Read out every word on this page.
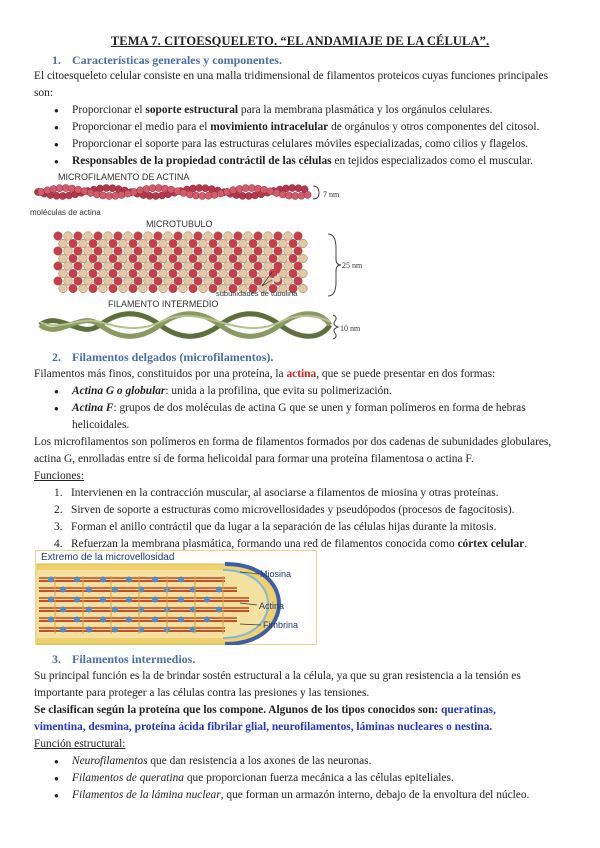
TEMA 7. CITOESQUELETO. “EL ANDAMIAJE DE LA CÉLULA”.
1. Características generales y componentes.
El citoesqueleto celular consiste en una malla tridimensional de filamentos proteicos cuyas funciones principales
son:
● Proporcionar el soporte estructural para la membrana plasmática y los orgánulos celulares.
● Proporcionar el medio para el movimiento intracelular de orgánulos y otros componentes del citosol.
● Proporcionar el soporte para las estructuras celulares móviles especializadas, como cilios y flagelos.
● Responsables de la propiedad contráctil de las células en tejidos especializados como el muscular.
MICROFILAMENTO DE ACTINA
moléculas de actina
7 nm
MICROTUBULO
25 nm
subunidades de tubulina
FILAMENTO INTERMEDIO
10 nm
2. Filamentos delgados (microfilamentos).
Filamentos más finos, constituidos por una proteína, la actina, que se puede presentar en dos formas:
● Actina G o globular: unida a la profilina, que evita su polimerización.
● Actina F: grupos de dos moléculas de actina G que se unen y forman polímeros en forma de hebras
helicoidales.
Los microfilamentos son polímeros en forma de filamentos formados por dos cadenas de subunidades globulares,
actina G, enrolladas entre sí de forma helicoidal para formar una proteína filamentosa o actina F.
Funciones:
1. Intervienen en la contracción muscular, al asociarse a filamentos de miosina y otras proteínas.
2. Sirven de soporte a estructuras como microvellosidades y pseudópodos (procesos de fagocitosis).
3. Forman el anillo contráctil que da lugar a la separación de las células hijas durante la mitosis.
4. Refuerzan la membrana plasmática, formando una red de filamentos conocida como córtex celular.
Extremo de la microvellosidad
Miosina
Actina
Fimbrina
3. Filamentos intermedios.
Su principal función es la de brindar sostén estructural a la célula, ya que su gran resistencia a la tensión es
importante para proteger a las células contra las presiones y las tensiones.
Se clasifican según la proteína que los compone. Algunos de los tipos conocidos son: queratinas,
vimentina, desmina, proteína ácida fibrilar glial, neurofilamentos, láminas nucleares o nestina.
Función estructural:
● Neurofilamentos que dan resistencia a los axones de las neuronas.
● Filamentos de queratina que proporcionan fuerza mecánica a las células epiteliales.
● Filamentos de la lámina nuclear, que forman un armazón interno, debajo de la envoltura del núcleo.
